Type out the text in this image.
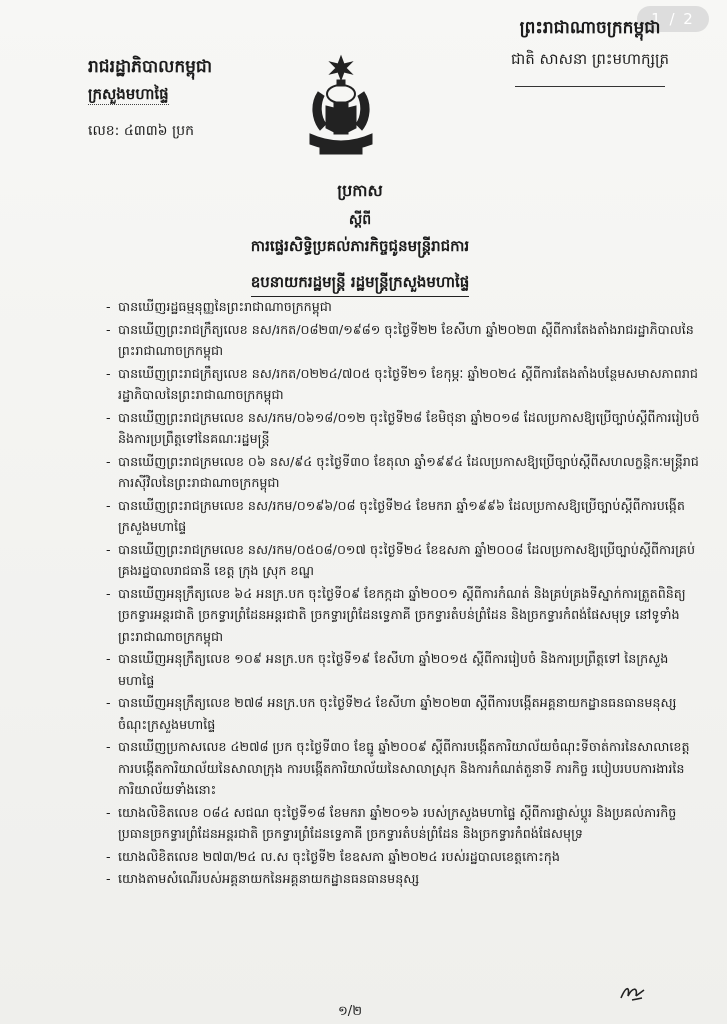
1 / 2
ព្រះរាជាណាចក្រកម្ពុជា
ជាតិ សាសនា ព្រះមហាក្សត្រ
រាជរដ្ឋាភិបាលកម្ពុជា
ក្រសួងមហាផ្ទៃ
លេខ: ៤៣៣៦ ប្រក
ប្រកាស
ស្តីពី
ការផ្ទេរសិទ្ធិប្រគល់ភារកិច្ចជូនមន្ត្រីរាជការ
ឧបនាយករដ្ឋមន្ត្រី រដ្ឋមន្ត្រីក្រសួងមហាផ្ទៃ
- បានឃើញរដ្ឋធម្មនុញ្ញនៃព្រះរាជាណាចក្រកម្ពុជា
- បានឃើញព្រះរាជក្រឹត្យលេខ នស/រកត/០៨២៣/១៩៨១ ចុះថ្ងៃទី២២ ខែសីហា ឆ្នាំ២០២៣ ស្តីពីការតែងតាំងរាជរដ្ឋាភិបាលនៃព្រះរាជាណាចក្រកម្ពុជា
- បានឃើញព្រះរាជក្រឹត្យលេខ នស/រកត/០២២៤/៧០៥ ចុះថ្ងៃទី២១ ខែកុម្ភៈ ឆ្នាំ២០២៤ ស្តីពីការតែងតាំងបន្ថែមសមាសភាពរាជរដ្ឋាភិបាលនៃព្រះរាជាណាចក្រកម្ពុជា
- បានឃើញព្រះរាជក្រមលេខ នស/រកម/០៦១៨/០១២ ចុះថ្ងៃទី២៨ ខែមិថុនា ឆ្នាំ២០១៨ ដែលប្រកាសឱ្យប្រើច្បាប់ស្តីពីការរៀបចំ និងការប្រព្រឹត្តទៅនៃគណៈរដ្ឋមន្ត្រី
- បានឃើញព្រះរាជក្រមលេខ ០៦ នស/៩៤ ចុះថ្ងៃទី៣០ ខែតុលា ឆ្នាំ១៩៩៤ ដែលប្រកាសឱ្យប្រើច្បាប់ស្តីពីសហលក្ខន្តិកៈមន្ត្រីរាជការស៊ីវិលនៃព្រះរាជាណាចក្រកម្ពុជា
- បានឃើញព្រះរាជក្រមលេខ នស/រកម/០១៩៦/០៨ ចុះថ្ងៃទី២៤ ខែមករា ឆ្នាំ១៩៩៦ ដែលប្រកាសឱ្យប្រើច្បាប់ស្តីពីការបង្កើតក្រសួងមហាផ្ទៃ
- បានឃើញព្រះរាជក្រមលេខ នស/រកម/០៥០៨/០១៧ ចុះថ្ងៃទី២៤ ខែឧសភា ឆ្នាំ២០០៨ ដែលប្រកាសឱ្យប្រើច្បាប់ស្តីពីការគ្រប់គ្រងរដ្ឋបាលរាជធានី ខេត្ត ក្រុង ស្រុក ខណ្ឌ
- បានឃើញអនុក្រឹត្យលេខ ៦៤ អនក្រ.បក ចុះថ្ងៃទី០៩ ខែកក្កដា ឆ្នាំ២០០១ ស្តីពីការកំណត់ និងគ្រប់គ្រងទីស្នាក់ការត្រួតពិនិត្យច្រកទ្វារអន្តរជាតិ ច្រកទ្វារព្រំដែនអន្តរជាតិ ច្រកទ្វារព្រំដែនទ្វេភាគី ច្រកទ្វារតំបន់ព្រំដែន និងច្រកទ្វារកំពង់ផែសមុទ្រ នៅទូទាំងព្រះរាជាណាចក្រកម្ពុជា
- បានឃើញអនុក្រឹត្យលេខ ១០៩ អនក្រ.បក ចុះថ្ងៃទី១៩ ខែសីហា ឆ្នាំ២០១៥ ស្តីពីការរៀបចំ និងការប្រព្រឹត្តទៅ នៃក្រសួងមហាផ្ទៃ
- បានឃើញអនុក្រឹត្យលេខ ២៧៨ អនក្រ.បក ចុះថ្ងៃទី២៤ ខែសីហា ឆ្នាំ២០២៣ ស្តីពីការបង្កើតអគ្គនាយកដ្ឋានធនធានមនុស្ស ចំណុះក្រសួងមហាផ្ទៃ
- បានឃើញប្រកាសលេខ ៤២៧៨ ប្រក ចុះថ្ងៃទី៣០ ខែធ្នូ ឆ្នាំ២០០៩ ស្តីពីការបង្កើតការិយាល័យចំណុះទីចាត់ការនៃសាលាខេត្ត ការបង្កើតការិយាល័យនៃសាលាក្រុង ការបង្កើតការិយាល័យនៃសាលាស្រុក និងការកំណត់តួនាទី ភារកិច្ច របៀបរបបការងារនៃការិយាល័យទាំងនោះ
- យោងលិខិតលេខ ០៨៤ សជណ ចុះថ្ងៃទី១៨ ខែមករា ឆ្នាំ២០១៦ របស់ក្រសួងមហាផ្ទៃ ស្តីពីការផ្លាស់ប្តូរ និងប្រគល់ភារកិច្ចប្រធានច្រកទ្វារព្រំដែនអន្តរជាតិ ច្រកទ្វារព្រំដែនទ្វេភាគី ច្រកទ្វារតំបន់ព្រំដែន និងច្រកទ្វារកំពង់ផែសមុទ្រ
- យោងលិខិតលេខ ២៧៣/២៤ ល.ស ចុះថ្ងៃទី២ ខែឧសភា ឆ្នាំ២០២៤ របស់រដ្ឋបាលខេត្តកោះកុង
- យោងតាមសំណើរបស់អគ្គនាយកនៃអគ្គនាយកដ្ឋានធនធានមនុស្ស
១/២
